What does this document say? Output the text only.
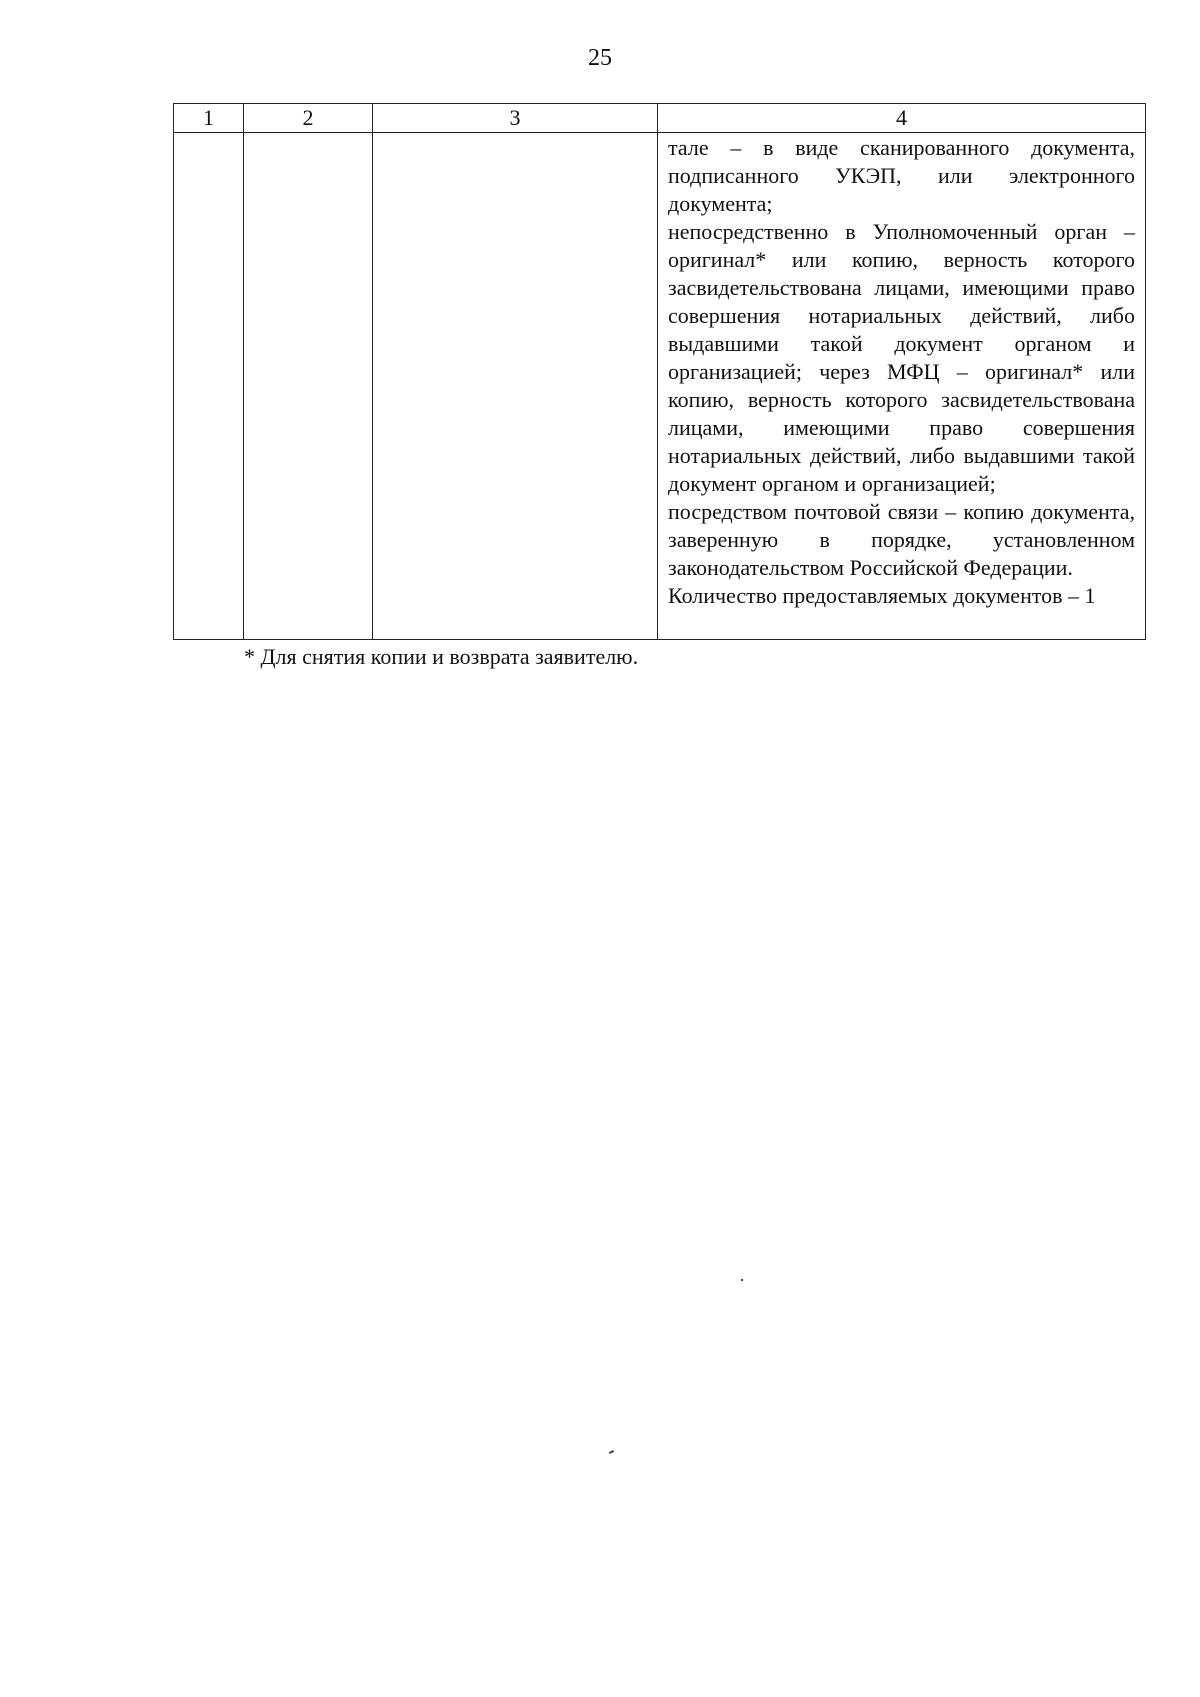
25
1	2	3	4

			тале – в виде сканированного документа, подписанного УКЭП, или электронного документа;

непосредственно в Уполномоченный орган – оригинал* или копию, верность которого засвидетельствована лицами, имеющими право совершения нотариальных действий, либо выдавшими такой документ органом и организацией; через МФЦ – оригинал* или копию, верность которого засвидетельствована лицами, имеющими право совершения нотариальных действий, либо выдавшими такой документ органом и организацией;

посредством почтовой связи – копию документа, заверенную в порядке, установленном законодательством Российской Федерации.

Количество предоставляемых документов – 1

* Для снятия копии и возврата заявителю.
